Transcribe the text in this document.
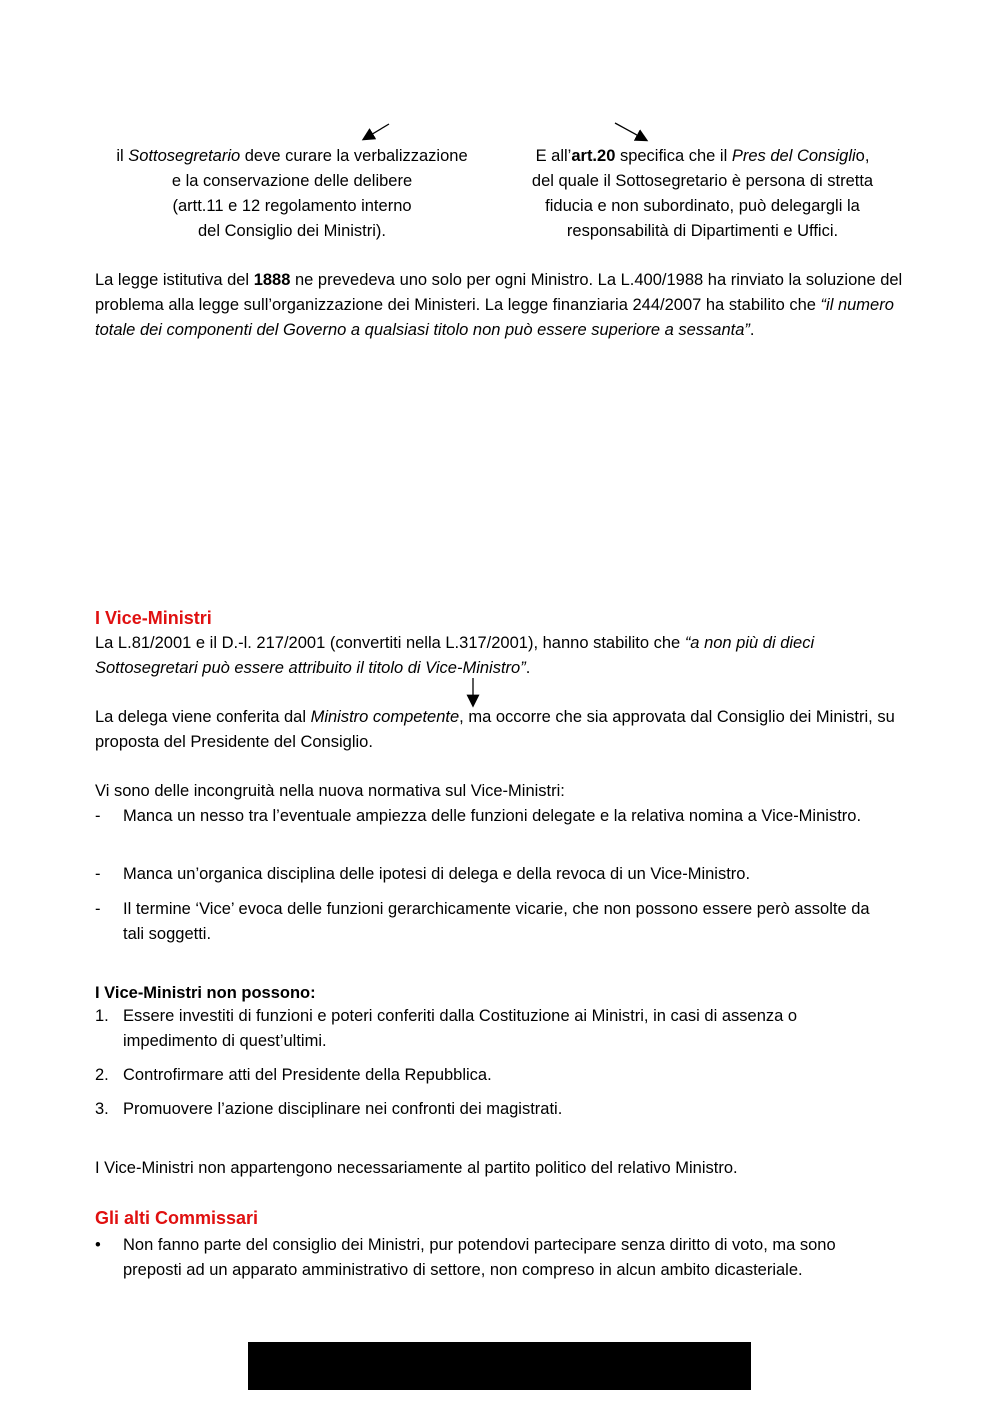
il Sottosegretario deve curare la verbalizzazione
e la conservazione delle delibere
(artt.11 e 12 regolamento interno
del Consiglio dei Ministri).
E all’art.20 specifica che il Pres del Consiglio,
del quale il Sottosegretario è persona di stretta
fiducia e non subordinato, può delegargli la
responsabilità di Dipartimenti e Uffici.
La legge istitutiva del 1888 ne prevedeva uno solo per ogni Ministro. La L.400/1988 ha rinviato la soluzione del problema alla legge sull’organizzazione dei Ministeri. La legge finanziaria 244/2007 ha stabilito che “il numero totale dei componenti del Governo a qualsiasi titolo non può essere superiore a sessanta”.
I Vice-Ministri
La L.81/2001 e il D.-l. 217/2001 (convertiti nella L.317/2001), hanno stabilito che “a non più di dieci Sottosegretari può essere attribuito il titolo di Vice-Ministro”.
La delega viene conferita dal Ministro competente, ma occorre che sia approvata dal Consiglio dei Ministri, su proposta del Presidente del Consiglio.
Vi sono delle incongruità nella nuova normativa sul Vice-Ministri:
-	Manca un nesso tra l’eventuale ampiezza delle funzioni delegate e la relativa nomina a Vice-Ministro.
-	Manca un’organica disciplina delle ipotesi di delega e della revoca di un Vice-Ministro.
-	Il termine ‘Vice’ evoca delle funzioni gerarchicamente vicarie, che non possono essere però assolte da tali soggetti.
I Vice-Ministri non possono:
1. Essere investiti di funzioni e poteri conferiti dalla Costituzione ai Ministri, in casi di assenza o impedimento di quest’ultimi.
2. Controfirmare atti del Presidente della Repubblica.
3. Promuovere l’azione disciplinare nei confronti dei magistrati.
I Vice-Ministri non appartengono necessariamente al partito politico del relativo Ministro.
Gli alti Commissari
•	Non fanno parte del consiglio dei Ministri, pur potendovi partecipare senza diritto di voto, ma sono preposti ad un apparato amministrativo di settore, non compreso in alcun ambito dicasteriale.
